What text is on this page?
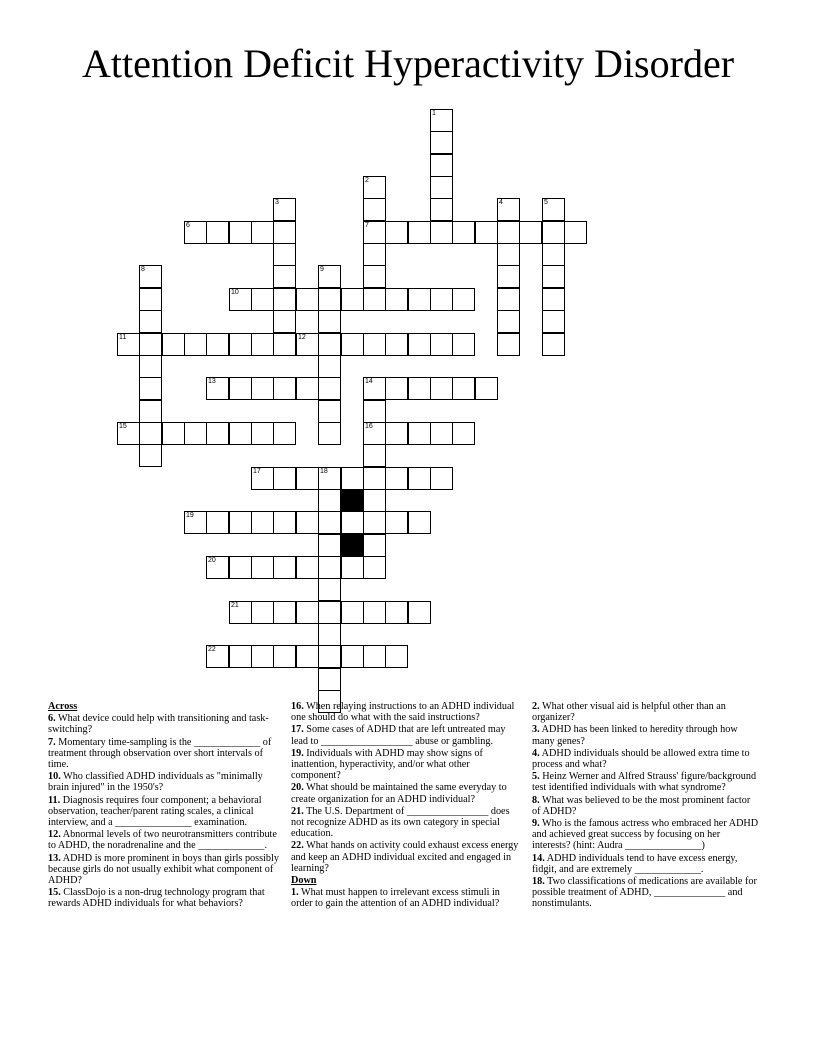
Attention Deficit Hyperactivity Disorder
1
2
7
3	4	5
6
8	9
10
11	12
13	14
16
15
17	18
19
20
21
22
Across
6. What device could help with transitioning and task-switching?
7. Momentary time-sampling is the _____________ of treatment through observation over short intervals of time.
10. Who classified ADHD individuals as "minimally brain injured" in the 1950's?
11. Diagnosis requires four component; a behavioral observation, teacher/parent rating scales, a clinical interview, and a _______________ examination.
12. Abnormal levels of two neurotransmitters contribute to ADHD, the noradrenaline and the _____________.
13. ADHD is more prominent in boys than girls possibly because girls do not usually exhibit what component of ADHD?
15. ClassDojo is a non-drug technology program that rewards ADHD individuals for what behaviors?
16. When relaying instructions to an ADHD individual one should do what with the said instructions?
17. Some cases of ADHD that are left untreated may lead to __________________ abuse or gambling.
19. Individuals with ADHD may show signs of inattention, hyperactivity, and/or what other component?
20. What should be maintained the same everyday to create organization for an ADHD individual?
21. The U.S. Department of ________________ does not recognize ADHD as its own category in special education.
22. What hands on activity could exhaust excess energy and keep an ADHD individual excited and engaged in learning?
Down
1. What must happen to irrelevant excess stimuli in order to gain the attention of an ADHD individual?
2. What other visual aid is helpful other than an organizer?
3. ADHD has been linked to heredity through how many genes?
4. ADHD individuals should be allowed extra time to process and what?
5. Heinz Werner and Alfred Strauss' figure/background test identified individuals with what syndrome?
8. What was believed to be the most prominent factor of ADHD?
9. Who is the famous actress who embraced her ADHD and achieved great success by focusing on her interests? (hint: Audra _______________)
14. ADHD individuals tend to have excess energy, fidgit, and are extremely _____________.
18. Two classifications of medications are available for possible treatment of ADHD, ______________ and nonstimulants.
